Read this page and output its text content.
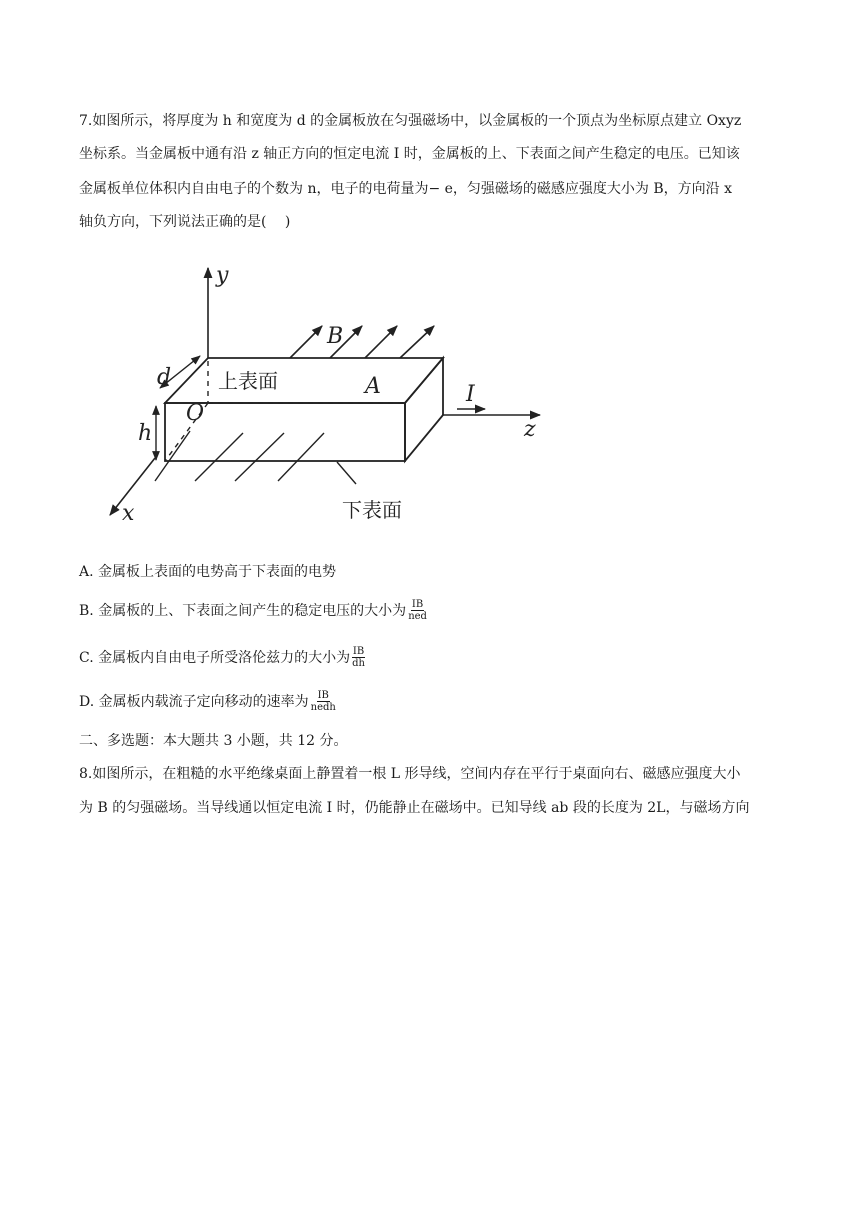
7.如图所示，将厚度为 h 和宽度为 d 的金属板放在匀强磁场中，以金属板的一个顶点为坐标原点建立 Oxyz

坐标系。当金属板中通有沿 z 轴正方向的恒定电流 I 时，金属板的上、下表面之间产生稳定的电压。已知该

金属板单位体积内自由电子的个数为 n，电子的电荷量为− e，匀强磁场的磁感应强度大小为 B，方向沿 x

轴负方向，下列说法正确的是(　 )

y
x
z
B
d
h
O
I
A
上表面
下表面
A. 金属板上表面的电势高于下表面的电势
B. 金属板的上、下表面之间产生的稳定电压的大小为 $\frac{IB}{\text{ned}}$
C. 金属板内自由电子所受洛伦兹力的大小为 $\frac{IB}{dh}$
D. 金属板内载流子定向移动的速率为 $\frac{IB}{\text{nedh}}$
二、多选题：本大题共 3 小题，共 12 分。

8.如图所示，在粗糙的水平绝缘桌面上静置着一根 L 形导线，空间内存在平行于桌面向右、磁感应强度大小

为 B 的匀强磁场。当导线通以恒定电流 I 时，仍能静止在磁场中。已知导线 ab 段的长度为 2L，与磁场方向
